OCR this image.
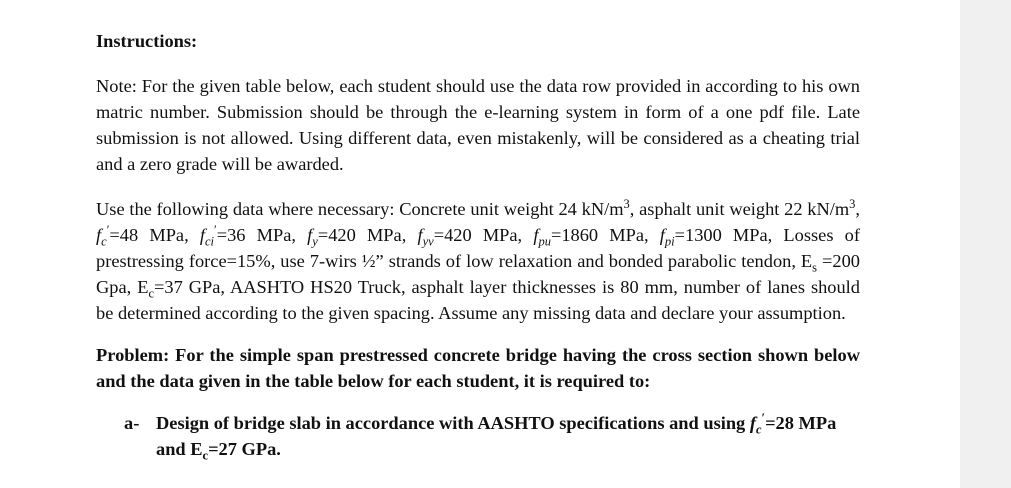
Instructions:

Note: For the given table below, each student should use the data row provided in according to his own matric number. Submission should be through the e-learning system in form of a one pdf file. Late submission is not allowed. Using different data, even mistakenly, will be considered as a cheating trial and a zero grade will be awarded.

Use the following data where necessary: Concrete unit weight 24 $kN/m^3$, asphalt unit weight 22 $kN/m^3$, $f_c'=48$ MPa, $f_{ci}'=36$ MPa, $f_y=420$ MPa, $f_{yv}=420$ MPa, $f_{pu}=1860$ MPa, $f_{pi}=1300$ MPa, Losses of prestressing force=15%, use 7-wirs ½” strands of low relaxation and bonded parabolic tendon, $E_s =200$ Gpa, $E_c=37$ GPa, AASHTO HS20 Truck, asphalt layer thicknesses is 80 mm, number of lanes should be determined according to the given spacing. Assume any missing data and declare your assumption.

Problem: For the simple span prestressed concrete bridge having the cross section shown below and the data given in the table below for each student, it is required to:

a- Design of bridge slab in accordance with AASHTO specifications and using $f_c'=28$ MPa and $E_c=27$ GPa.
